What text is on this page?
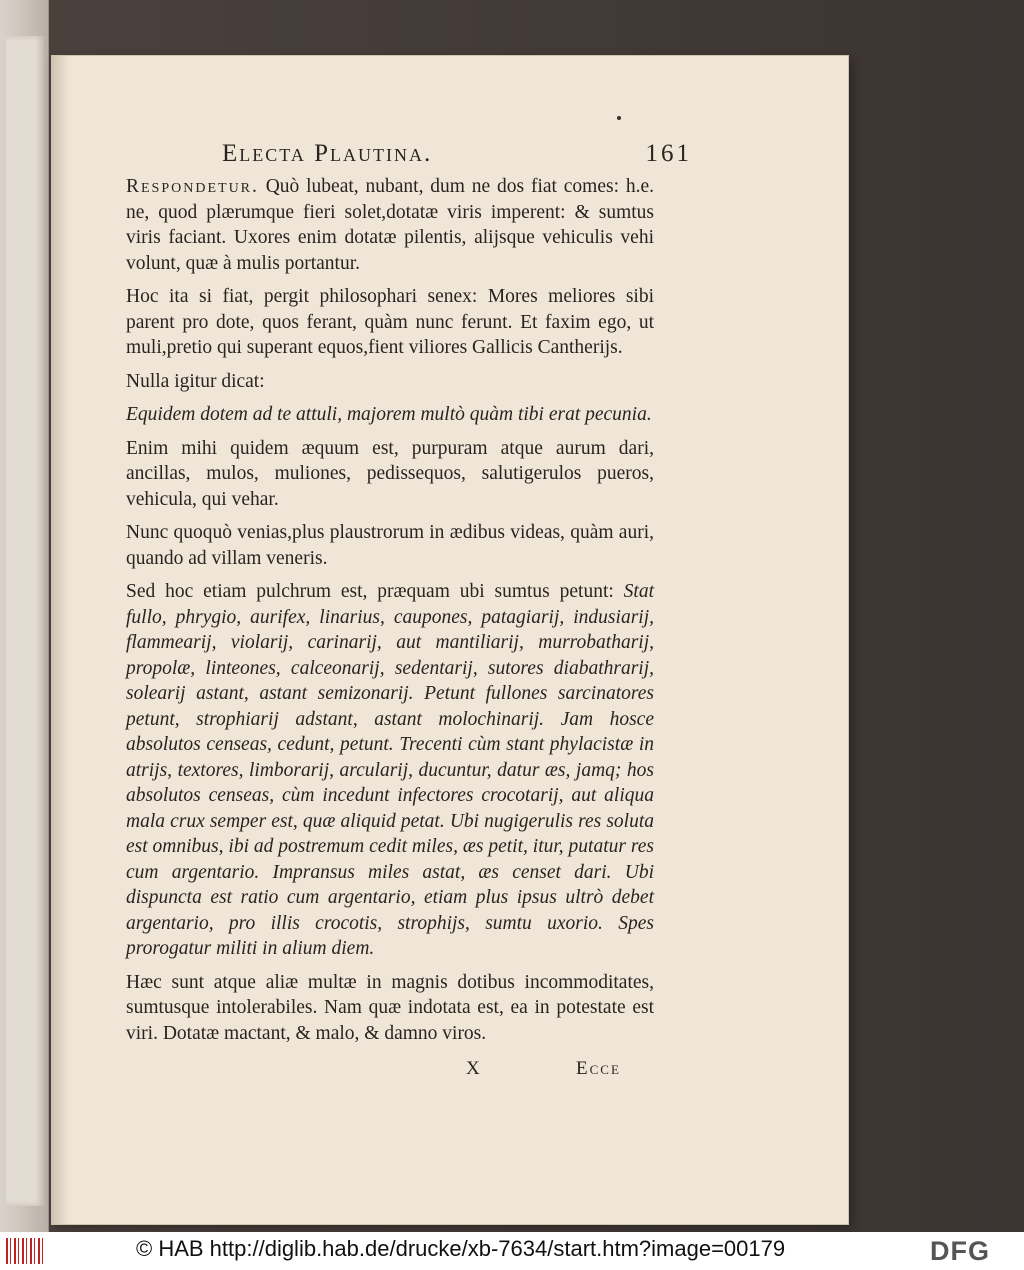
Electa Plautina.	161

Respondetur. Quò lubeat, nubant, dum ne dos fiat comes: h.e. ne, quod plærumque fieri solet,dotatæ viris imperent: & sumtus viris faciant. Uxores enim dotatæ pilentis, alijsque vehiculis vehi volunt, quæ à mulis portantur.

Hoc ita si fiat, pergit philosophari senex: Mores meliores sibi parent pro dote, quos ferant, quàm nunc ferunt. Et faxim ego, ut muli,pretio qui superant equos,fient viliores Gallicis Cantherijs.

Nulla igitur dicat:

Equidem dotem ad te attuli, majorem multò quàm tibi erat pecunia.

Enim mihi quidem æquum est, purpuram atque aurum dari, ancillas, mulos, muliones, pedissequos, salutigerulos pueros, vehicula, qui vehar.

Nunc quoquò venias,plus plaustrorum in ædibus videas, quàm auri, quando ad villam veneris.

Sed hoc etiam pulchrum est, præquam ubi sumtus petunt: Stat fullo, phrygio, aurifex, linarius, caupones, patagiarij, indusiarij, flammearij, violarij, carinarij, aut mantiliarij, murrobatharij, propolæ, linteones, calceonarij, sedentarij, sutores diabathrarij, solearij astant, astant semizonarij. Petunt fullones sarcinatores petunt, strophiarij adstant, astant molochinarij. Jam hosce absolutos censeas, cedunt, petunt. Trecenti cùm stant phylacistæ in atrijs, textores, limborarij, arcularij, ducuntur, datur æs, jamq; hos absolutos censeas, cùm incedunt infectores crocotarij, aut aliqua mala crux semper est, quæ aliquid petat. Ubi nugigerulis res soluta est omnibus, ibi ad postremum cedit miles, æs petit, itur, putatur res cum argentario. Impransus miles astat, æs censet dari. Ubi dispuncta est ratio cum argentario, etiam plus ipsus ultrò debet argentario, pro illis crocotis, strophijs, sumtu uxorio. Spes prorogatur militi in alium diem.

Hæc sunt atque aliæ multæ in magnis dotibus incommoditates, sumtusque intolerabiles. Nam quæ indotata est, ea in potestate est viri. Dotatæ mactant, & malo, & damno viros.

X	Ecce
© HAB http://diglib.hab.de/drucke/xb-7634/start.htm?image=00179	DFG
